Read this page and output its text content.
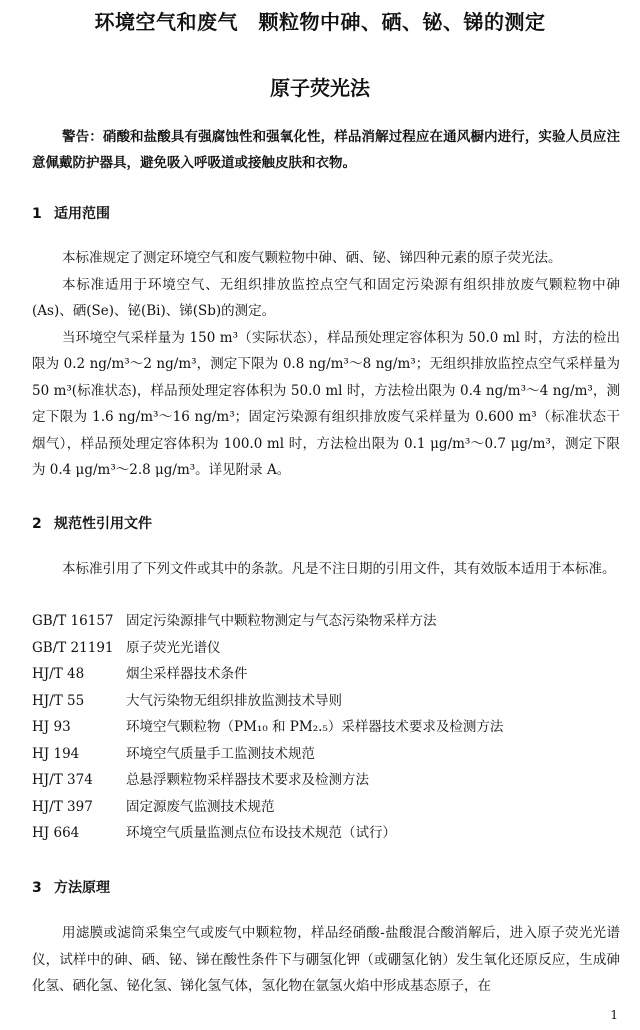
环境空气和废气　颗粒物中砷、硒、铋、锑的测定
原子荧光法
警告：硝酸和盐酸具有强腐蚀性和强氧化性，样品消解过程应在通风橱内进行，实验人员应注意佩戴防护器具，避免吸入呼吸道或接触皮肤和衣物。
1 适用范围

本标准规定了测定环境空气和废气颗粒物中砷、硒、铋、锑四种元素的原子荧光法。

本标准适用于环境空气、无组织排放监控点空气和固定污染源有组织排放废气颗粒物中砷(As)、硒(Se)、铋(Bi)、锑(Sb)的测定。

当环境空气采样量为 150 m³（实际状态），样品预处理定容体积为 50.0 ml 时，方法的检出限为 0.2 ng/m³～2 ng/m³，测定下限为 0.8 ng/m³～8 ng/m³；无组织排放监控点空气采样量为 50 m³(标准状态)，样品预处理定容体积为 50.0 ml 时，方法检出限为 0.4 ng/m³～4 ng/m³，测定下限为 1.6 ng/m³～16 ng/m³；固定污染源有组织排放废气采样量为 0.600 m³（标准状态干烟气），样品预处理定容体积为 100.0 ml 时，方法检出限为 0.1 μg/m³～0.7 μg/m³，测定下限为 0.4 μg/m³～2.8 μg/m³。详见附录 A。

2 规范性引用文件
本标准引用了下列文件或其中的条款。凡是不注日期的引用文件，其有效版本适用于本标准。
GB/T 16157 固定污染源排气中颗粒物测定与气态污染物采样方法
GB/T 21191 原子荧光光谱仪
HJ/T 48	烟尘采样器技术条件
HJ/T 55	大气污染物无组织排放监测技术导则
HJ 93	环境空气颗粒物（PM₁₀ 和 PM₂.₅）采样器技术要求及检测方法
HJ 194	环境空气质量手工监测技术规范
HJ/T 374	总悬浮颗粒物采样器技术要求及检测方法
HJ/T 397	固定源废气监测技术规范
HJ 664	环境空气质量监测点位布设技术规范（试行）
3 方法原理
用滤膜或滤筒采集空气或废气中颗粒物，样品经硝酸-盐酸混合酸消解后，进入原子荧光光谱仪，试样中的砷、硒、铋、锑在酸性条件下与硼氢化钾（或硼氢化钠）发生氧化还原反应，生成砷化氢、硒化氢、铋化氢、锑化氢气体，氢化物在氩氢火焰中形成基态原子，在
1
